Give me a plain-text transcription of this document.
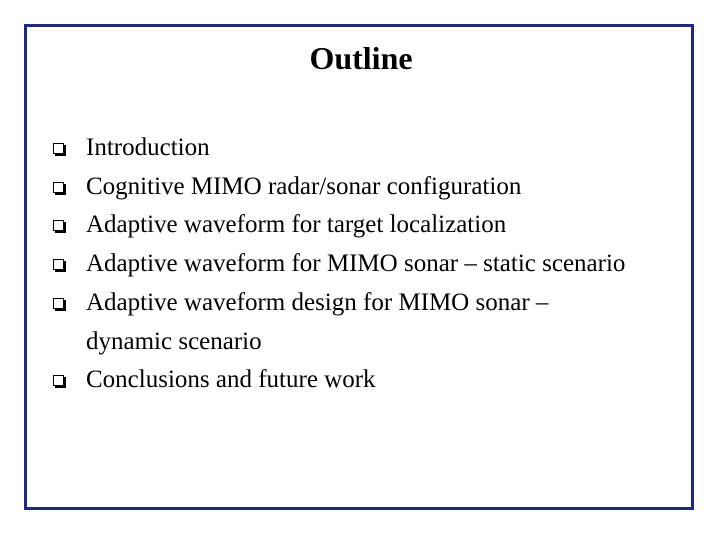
Outline
Introduction
Cognitive MIMO radar/sonar configuration
Adaptive waveform for target localization
Adaptive waveform for MIMO sonar – static scenario
Adaptive waveform design for MIMO sonar –
dynamic scenario
Conclusions and future work
